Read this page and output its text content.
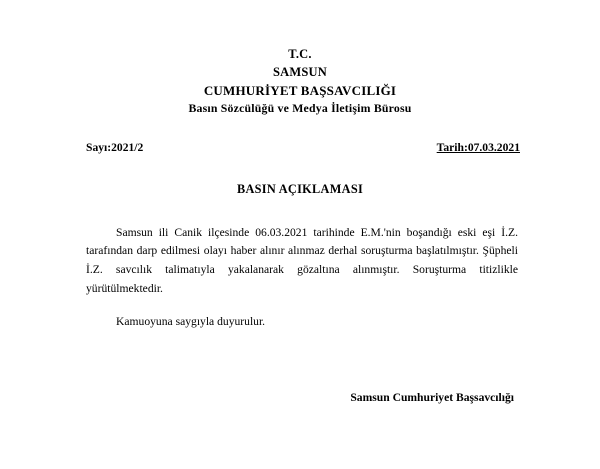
T.C.
SAMSUN
CUMHURİYET BAŞSAVCILIĞI
Basın Sözcülüğü ve Medya İletişim Bürosu
Sayı:2021/2	Tarih:07.03.2021
BASIN AÇIKLAMASI

Samsun ili Canik ilçesinde 06.03.2021 tarihinde E.M.'nin boşandığı eski eşi İ.Z. tarafından darp edilmesi olayı haber alınır alınmaz derhal soruşturma başlatılmıştır. Şüpheli İ.Z. savcılık talimatıyla yakalanarak gözaltına alınmıştır. Soruşturma titizlikle yürütülmektedir.

Kamuoyuna saygıyla duyurulur.

Samsun Cumhuriyet Başsavcılığı
